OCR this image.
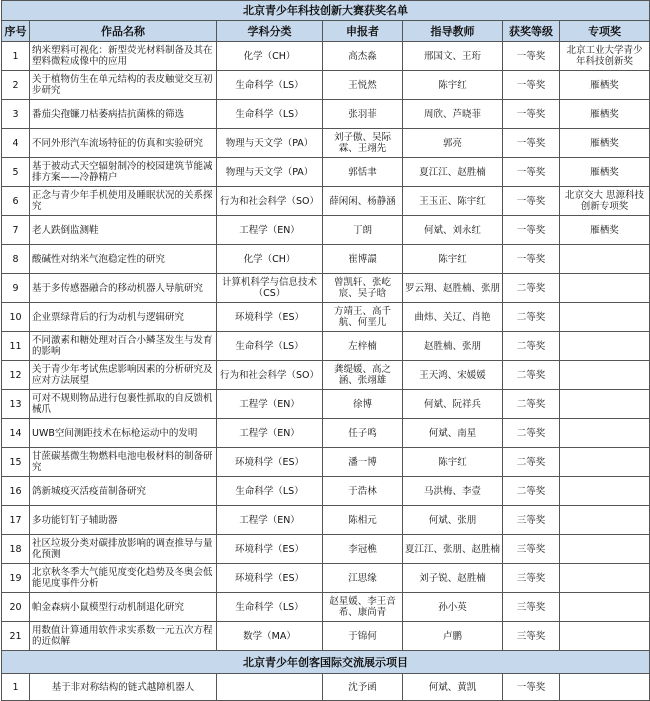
北京青少年科技创新大赛获奖名单						
序号	作品名称	学科分类	申报者	指导教师	获奖等级	专项奖
1	纳米塑料可视化：新型荧光材料制备及其在塑料微粒成像中的应用	化学（CH）	高杰淼	邢国文、王珩	一等奖	北京工业大学青少年科技创新奖
2	关于植物仿生在单元结构的表皮触觉交互初步研究	生命科学（LS）	王悦然	陈宇红	一等奖	雁栖奖
3	番茄尖孢镰刀枯萎病拮抗菌株的筛选	生命科学（LS）	张羽菲	周欣、芦晓菲	一等奖	雁栖奖
4	不同外形汽车流场特征的仿真和实验研究	物理与天文学（PA）	刘子傲、吴际霖、王翊先	郭亮	一等奖	雁栖奖
5	基于被动式天空辐射制冷的校园建筑节能减排方案——冷静精户	物理与天文学（PA）	郭恬聿	夏江江、赵胜楠	一等奖	雁栖奖
6	正念与青少年手机使用及睡眠状况的关系探究	行为和社会科学（SO）	薛闲闲、杨静涵	王玉正、陈宇红	一等奖	北京交大 思源科技创新专项奖
7	老人跌倒监测鞋	工程学（EN）	丁朗	何斌、刘永红	一等奖	雁栖奖
8	酸碱性对纳米气泡稳定性的研究	化学（CH）	崔博譞	陈宇红	一等奖	
9	基于多传感器融合的移动机器人导航研究	计算机科学与信息技术（CS）	曾凯轩、张屹宸、吴子晗	罗云翔、赵胜楠、张朋	二等奖	
10	企业票绿背后的行为动机与逻辑研究	环境科学（ES）	方靖王、高千航、何垩儿	曲炜、关辽、肖艳	二等奖	
11	不同激素和糖处理对百合小鳞茎发生与发育的影响	生命科学（LS）	左梓楠	赵胜楠、张朋	二等奖	
12	关于青少年考试焦虑影响因素的分析研究及应对方法展望	行为和社会科学（SO）	龚缇媛、高之涵、张翊雄	王天鸿、宋媛媛	二等奖	
13	可对不规则物品进行包裹性抓取的自反馈机械爪	工程学（EN）	徐博	何斌、阮祥兵	二等奖	
14	UWB空间测距技术在标枪运动中的发明	工程学（EN）	任子鸣	何斌、南星	二等奖	
15	甘蔗碳基微生物燃料电池电极材料的制备研究	环境科学（ES）	潘一博	陈宇红	二等奖	
16	鸽新城疫灭活疫苗制备研究	生命科学（LS）	于浩林	马洪梅、李壹	二等奖	
17	多功能钉钉子辅助器	工程学（EN）	陈相元	何斌、张朋	三等奖	
18	社区垃圾分类对碳排放影响的调查推导与量化预测	环境科学（ES）	李冠樵	夏江江、张朋、赵胜楠	三等奖	
19	北京秋冬季大气能见度变化趋势及冬奥会低能见度事件分析	环境科学（ES）	江思缘	刘子锐、赵胜楠	三等奖	
20	帕金森病小鼠模型行动机制退化研究	生命科学（LS）	赵星媛、李王音希、康尚青	孙小英	三等奖	
21	用数值计算通用软件求实系数一元五次方程的近似解	数学（MA）	于锦何	卢鹏	三等奖	
北京青少年创客国际交流展示项目						
1	基于非对称结构的链式越障机器人		沈予函	何斌、黄凯	一等奖	
